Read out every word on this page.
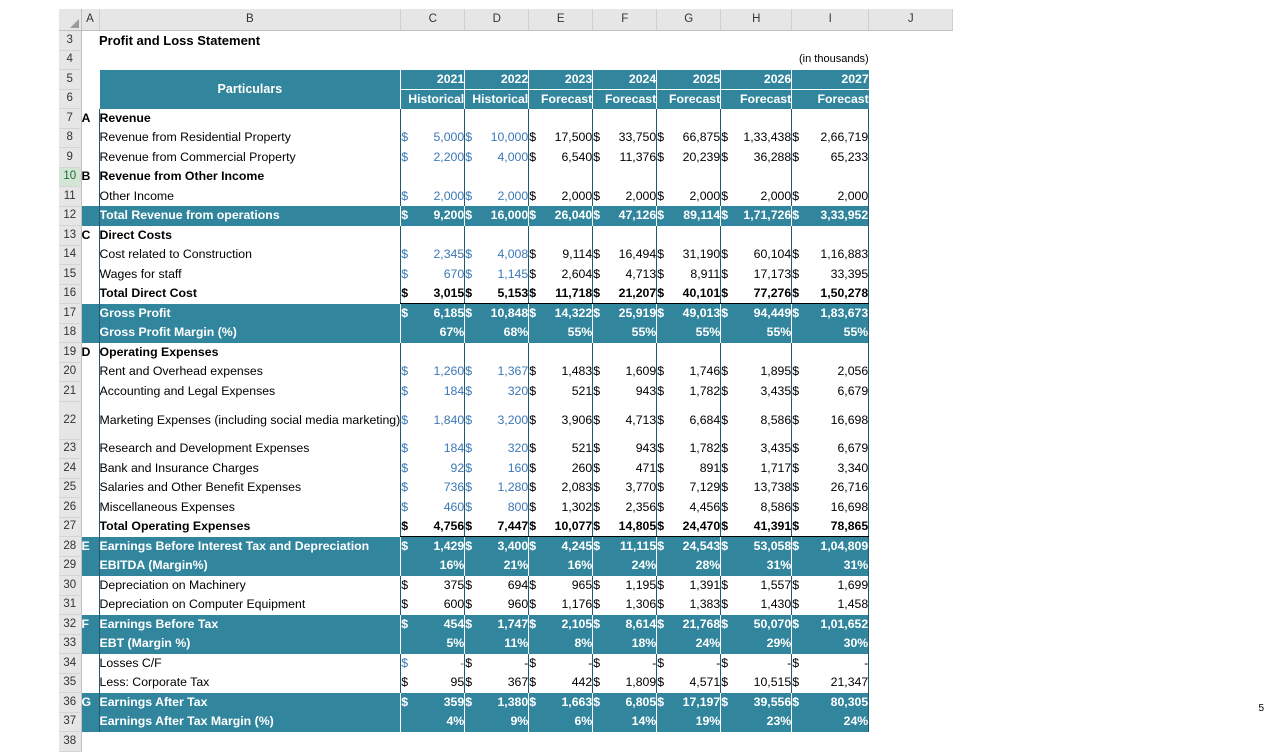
	A	B	C	D	E	F	G	H	I	J
3		Profit and Loss Statement								
4								(in thousands)		
5		Particulars	2021	2022	2023	2024	2025	2026	2027	
6			Historical	Historical	Forecast	Forecast	Forecast	Forecast	Forecast	
7	A	Revenue								
8		Revenue from Residential Property	$ 5,000	$ 10,000	$ 17,500	$ 33,750	$ 66,875	$ 1,33,438	$ 2,66,719	

9		Revenue from Commercial Property	$ 2,200	$ 4,000	$ 6,540	$ 11,376	$ 20,239	$ 36,288	$ 65,233	

10	B	Revenue from Other Income								
11		Other Income	$ 2,000	$ 2,000	$ 2,000	$ 2,000	$ 2,000	$ 2,000	$ 2,000	

12		Total Revenue from operations	$ 9,200	$ 16,000	$ 26,040	$ 47,126	$ 89,114	$ 1,71,726	$ 3,33,952	

13	C	Direct Costs								
14		Cost related to Construction	$ 2,345	$ 4,008	$ 9,114	$ 16,494	$ 31,190	$ 60,104	$ 1,16,883	

15		Wages for staff	$ 670	$ 1,145	$ 2,604	$ 4,713	$ 8,911	$ 17,173	$ 33,395	

16		Total Direct Cost	$ 3,015	$ 5,153	$ 11,718	$ 21,207	$ 40,101	$ 77,276	$ 1,50,278	

17		Gross Profit	$ 6,185	$ 10,848	$ 14,322	$ 25,919	$ 49,013	$ 94,449	$ 1,83,673	

18		Gross Profit Margin (%)	67%	68%	55%	55%	55%	55%	55%	
19	D	Operating Expenses								
20		Rent and Overhead expenses	$ 1,260	$ 1,367	$ 1,483	$ 1,609	$ 1,746	$ 1,895	$ 2,056	

21		Accounting and Legal Expenses	$ 184	$ 320	$ 521	$ 943	$ 1,782	$ 3,435	$ 6,679	

22		Marketing Expenses (including social media marketing)	$ 1,840	$ 3,200	$ 3,906	$ 4,713	$ 6,684	$ 8,586	$ 16,698	

23		Research and Development Expenses	$ 184	$ 320	$ 521	$ 943	$ 1,782	$ 3,435	$ 6,679	

24		Bank and Insurance Charges	$ 92	$ 160	$ 260	$ 471	$ 891	$ 1,717	$ 3,340	

25		Salaries and Other Benefit Expenses	$ 736	$ 1,280	$ 2,083	$ 3,770	$ 7,129	$ 13,738	$ 26,716	

26		Miscellaneous Expenses	$ 460	$ 800	$ 1,302	$ 2,356	$ 4,456	$ 8,586	$ 16,698	

27		Total Operating Expenses	$ 4,756	$ 7,447	$ 10,077	$ 14,805	$ 24,470	$ 41,391	$ 78,865	

28	E	Earnings Before Interest Tax and Depreciation	$ 1,429	$ 3,400	$ 4,245	$ 11,115	$ 24,543	$ 53,058	$ 1,04,809	

29		EBITDA (Margin%)	16%	21%	16%	24%	28%	31%	31%	
30		Depreciation on Machinery	$ 375	$ 694	$ 965	$ 1,195	$ 1,391	$ 1,557	$ 1,699	

31		Depreciation on Computer Equipment	$ 600	$ 960	$ 1,176	$ 1,306	$ 1,383	$ 1,430	$ 1,458	

32	F	Earnings Before Tax	$ 454	$ 1,747	$ 2,105	$ 8,614	$ 21,768	$ 50,070	$ 1,01,652	

33		EBT (Margin %)	5%	11%	8%	18%	24%	29%	30%	
34		Losses C/F	$ -	$ -	$ -	$ -	$ -	$ -	$ -	

35		Less: Corporate Tax	$ 95	$ 367	$ 442	$ 1,809	$ 4,571	$ 10,515	$ 21,347	

36	G	Earnings After Tax	$ 359	$ 1,380	$ 1,663	$ 6,805	$ 17,197	$ 39,556	$ 80,305	

37		Earnings After Tax Margin (%)	4%	9%	6%	14%	19%	23%	24%	
38										
5
